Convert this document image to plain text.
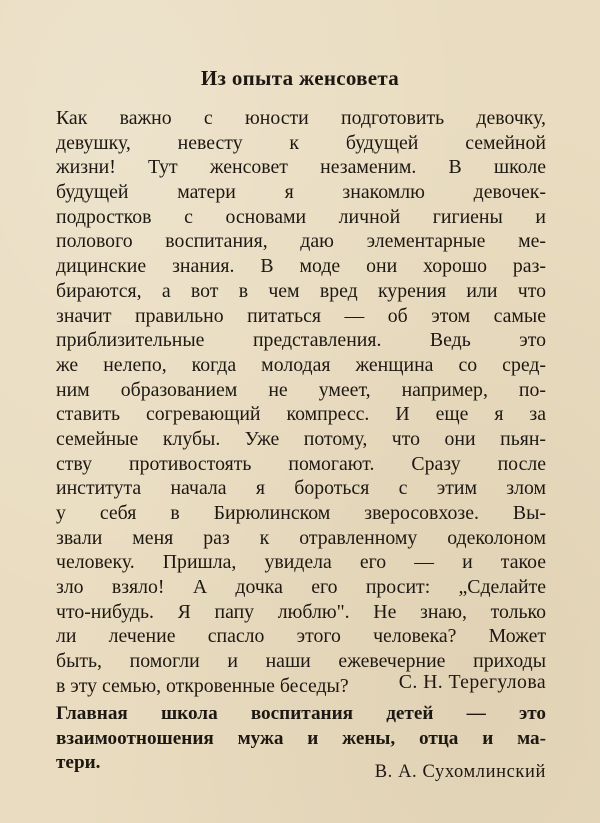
Из опыта женсовета
Как важно с юности подготовить девочку,
девушку, невесту к будущей семейной
жизни! Тут женсовет незаменим. В школе
будущей матери я знакомлю девочек-
подростков с основами личной гигиены и
полового воспитания, даю элементарные ме-
дицинские знания. В моде они хорошо раз-
бираются, а вот в чем вред курения или что
значит правильно питаться — об этом самые
приблизительные представления. Ведь это
же нелепо, когда молодая женщина со сред-
ним образованием не умеет, например, по-
ставить согревающий компресс. И еще я за
семейные клубы. Уже потому, что они пьян-
ству противостоять помогают. Сразу после
института начала я бороться с этим злом
у себя в Бирюлинском зверосовхозе. Вы-
звали меня раз к отравленному одеколоном
человеку. Пришла, увидела его — и такое
зло взяло! А дочка его просит: „Сделайте
что-нибудь. Я папу люблю". Не знаю, только
ли лечение спасло этого человека? Может
быть, помогли и наши ежевечерние приходы
в эту семью, откровенные беседы?	С. Н. Терегулова
Главная школа воспитания детей — это
взаимоотношения мужа и жены, отца и ма-
тери.	В. А. Сухомлинский
